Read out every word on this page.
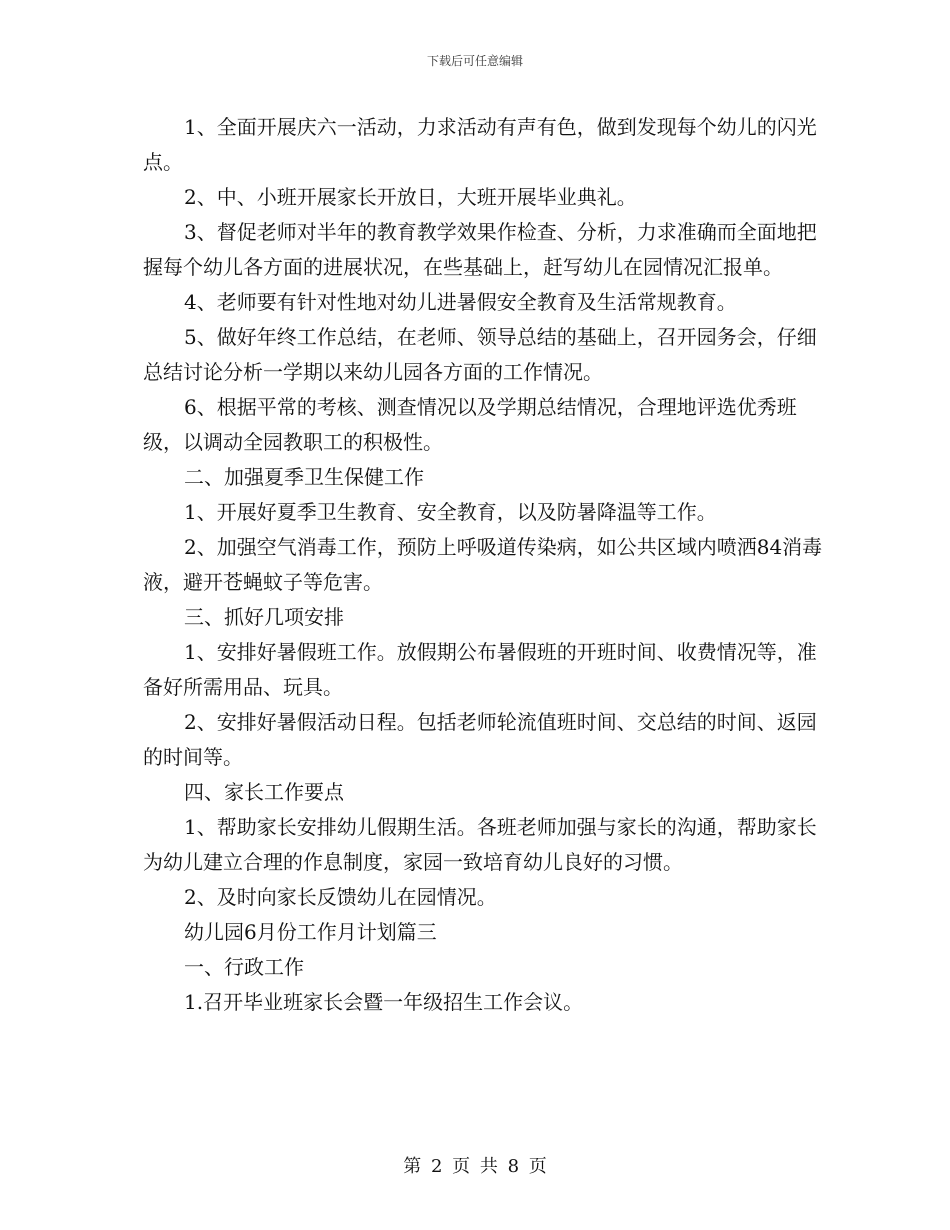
下载后可任意编辑

1、全面开展庆六一活动，力求活动有声有色，做到发现每个幼儿的闪光点。

2、中、小班开展家长开放日，大班开展毕业典礼。

3、督促老师对半年的教育教学效果作检查、分析，力求准确而全面地把握每个幼儿各方面的进展状况，在些基础上，赶写幼儿在园情况汇报单。

4、老师要有针对性地对幼儿进暑假安全教育及生活常规教育。

5、做好年终工作总结，在老师、领导总结的基础上，召开园务会，仔细总结讨论分析一学期以来幼儿园各方面的工作情况。

6、根据平常的考核、测查情况以及学期总结情况，合理地评选优秀班级，以调动全园教职工的积极性。

二、加强夏季卫生保健工作

1、开展好夏季卫生教育、安全教育，以及防暑降温等工作。

2、加强空气消毒工作，预防上呼吸道传染病，如公共区域内喷洒84消毒液，避开苍蝇蚊子等危害。

三、抓好几项安排

1、安排好暑假班工作。放假期公布暑假班的开班时间、收费情况等，准备好所需用品、玩具。

2、安排好暑假活动日程。包括老师轮流值班时间、交总结的时间、返园的时间等。

四、家长工作要点

1、帮助家长安排幼儿假期生活。各班老师加强与家长的沟通，帮助家长为幼儿建立合理的作息制度，家园一致培育幼儿良好的习惯。

2、及时向家长反馈幼儿在园情况。

幼儿园6月份工作月计划篇三

一、行政工作

1.召开毕业班家长会暨一年级招生工作会议。

第 2 页 共 8 页
